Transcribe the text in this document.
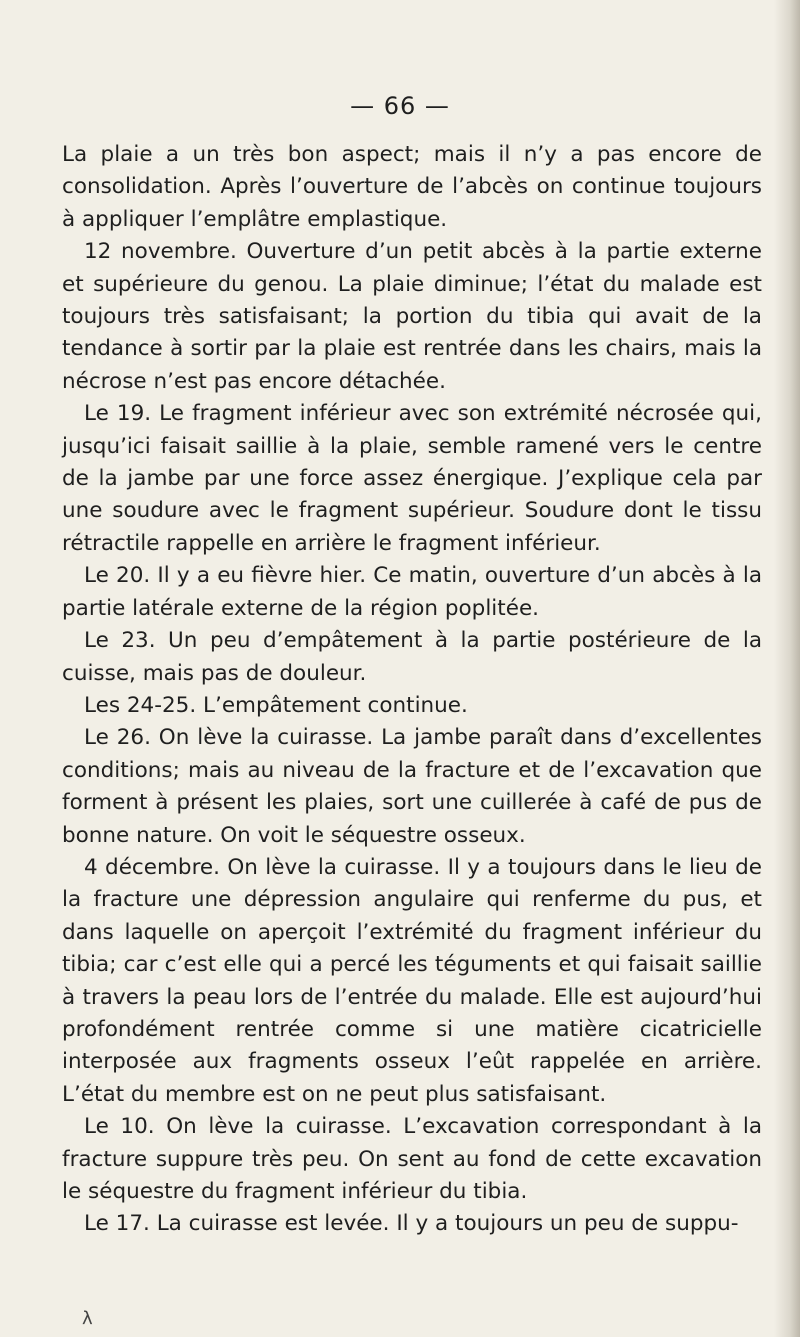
— 66 —

La plaie a un très bon aspect; mais il n’y a pas encore de consolidation. Après l’ouverture de l’abcès on continue toujours à appliquer l’emplâtre emplastique.

12 novembre. Ouverture d’un petit abcès à la partie externe et supérieure du genou. La plaie diminue; l’état du malade est toujours très satisfaisant; la portion du tibia qui avait de la tendance à sortir par la plaie est rentrée dans les chairs, mais la nécrose n’est pas encore détachée.

Le 19. Le fragment inférieur avec son extrémité nécrosée qui, jusqu’ici faisait saillie à la plaie, semble ramené vers le centre de la jambe par une force assez énergique. J’explique cela par une soudure avec le fragment supérieur. Soudure dont le tissu rétractile rappelle en arrière le fragment inférieur.

Le 20. Il y a eu fièvre hier. Ce matin, ouverture d’un abcès à la partie latérale externe de la région poplitée.

Le 23. Un peu d’empâtement à la partie postérieure de la cuisse, mais pas de douleur.

Les 24-25. L’empâtement continue.

Le 26. On lève la cuirasse. La jambe paraît dans d’excellentes conditions; mais au niveau de la fracture et de l’excavation que forment à présent les plaies, sort une cuillerée à café de pus de bonne nature. On voit le séquestre osseux.

4 décembre. On lève la cuirasse. Il y a toujours dans le lieu de la fracture une dépression angulaire qui renferme du pus, et dans laquelle on aperçoit l’extrémité du fragment inférieur du tibia; car c’est elle qui a percé les téguments et qui faisait saillie à travers la peau lors de l’entrée du malade. Elle est aujourd’hui profondément rentrée comme si une matière cicatricielle interposée aux fragments osseux l’eût rappelée en arrière. L’état du membre est on ne peut plus satisfaisant.

Le 10. On lève la cuirasse. L’excavation correspondant à la fracture suppure très peu. On sent au fond de cette excavation le séquestre du fragment inférieur du tibia.

Le 17. La cuirasse est levée. Il y a toujours un peu de suppu-

λ
